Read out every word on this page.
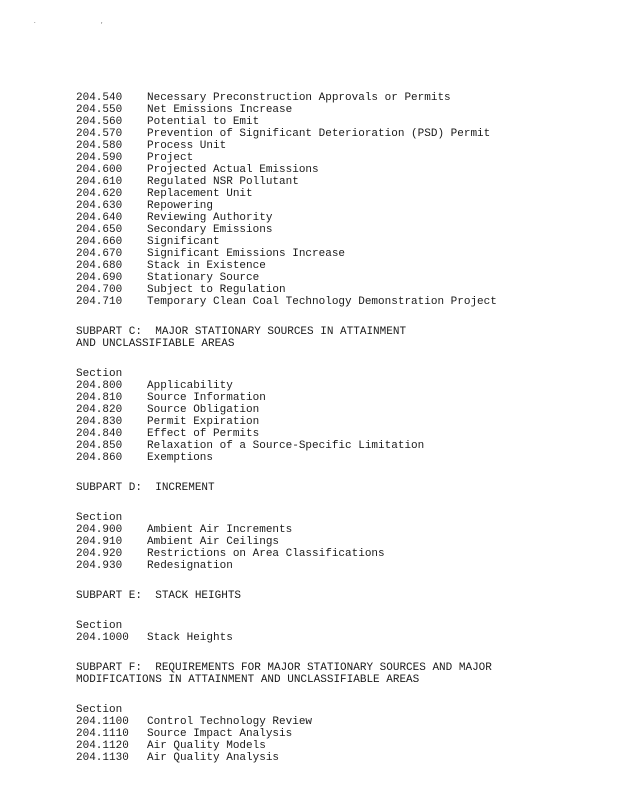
. ,
204.540	Necessary Preconstruction Approvals or Permits
204.550	Net Emissions Increase
204.560	Potential to Emit
204.570	Prevention of Significant Deterioration (PSD) Permit
204.580	Process Unit
204.590	Project
204.600	Projected Actual Emissions
204.610	Regulated NSR Pollutant
204.620	Replacement Unit
204.630	Repowering
204.640	Reviewing Authority
204.650	Secondary Emissions
204.660	Significant
204.670	Significant Emissions Increase
204.680	Stack in Existence
204.690	Stationary Source
204.700	Subject to Regulation
204.710	Temporary Clean Coal Technology Demonstration Project
SUBPART C:  MAJOR STATIONARY SOURCES IN ATTAINMENT
AND UNCLASSIFIABLE AREAS
Section
204.800	Applicability
204.810	Source Information
204.820	Source Obligation
204.830	Permit Expiration
204.840	Effect of Permits
204.850	Relaxation of a Source-Specific Limitation
204.860	Exemptions
SUBPART D:  INCREMENT
Section
204.900	Ambient Air Increments
204.910	Ambient Air Ceilings
204.920	Restrictions on Area Classifications
204.930	Redesignation
SUBPART E:  STACK HEIGHTS
Section
204.1000	Stack Heights
SUBPART F:  REQUIREMENTS FOR MAJOR STATIONARY SOURCES AND MAJOR
MODIFICATIONS IN ATTAINMENT AND UNCLASSIFIABLE AREAS
Section
204.1100	Control Technology Review
204.1110	Source Impact Analysis
204.1120	Air Quality Models
204.1130	Air Quality Analysis
